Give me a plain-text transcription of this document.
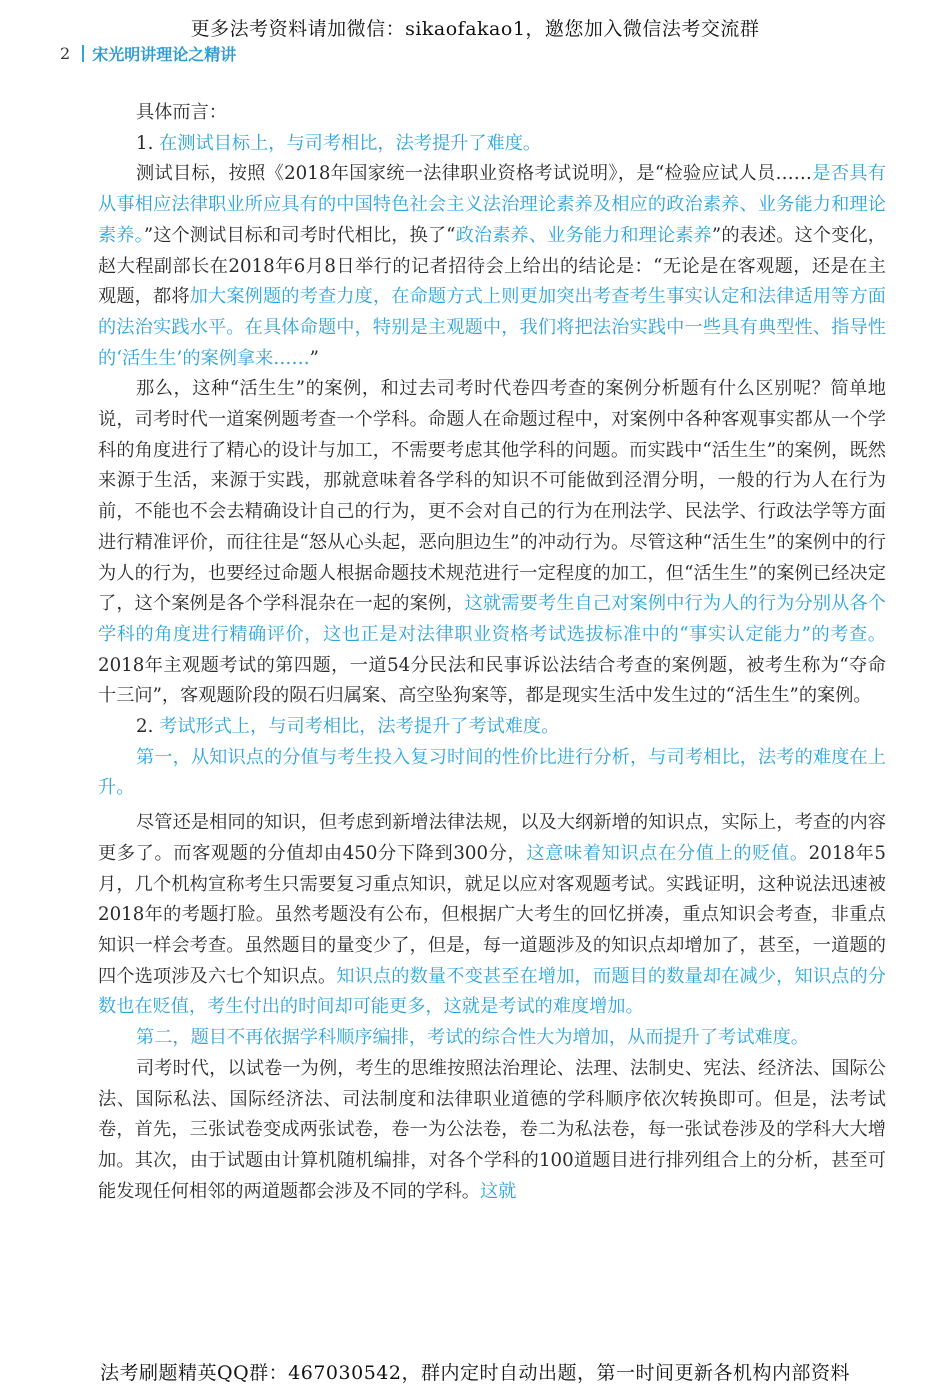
更多法考资料请加微信：sikaofakao1，邀您加入微信法考交流群
2 宋光明讲理论之精讲

具体而言：

1. 在测试目标上，与司考相比，法考提升了难度。

测试目标，按照《2018年国家统一法律职业资格考试说明》，是“检验应试人员……是否具有从事相应法律职业所应具有的中国特色社会主义法治理论素养及相应的政治素养、业务能力和理论素养。”这个测试目标和司考时代相比，换了“政治素养、业务能力和理论素养”的表述。这个变化，赵大程副部长在2018年6月8日举行的记者招待会上给出的结论是：“无论是在客观题，还是在主观题，都将加大案例题的考查力度，在命题方式上则更加突出考查考生事实认定和法律适用等方面的法治实践水平。在具体命题中，特别是主观题中，我们将把法治实践中一些具有典型性、指导性的‘活生生’的案例拿来……”

那么，这种“活生生”的案例，和过去司考时代卷四考查的案例分析题有什么区别呢？简单地说，司考时代一道案例题考查一个学科。命题人在命题过程中，对案例中各种客观事实都从一个学科的角度进行了精心的设计与加工，不需要考虑其他学科的问题。而实践中“活生生”的案例，既然来源于生活，来源于实践，那就意味着各学科的知识不可能做到泾渭分明，一般的行为人在行为前，不能也不会去精确设计自己的行为，更不会对自己的行为在刑法学、民法学、行政法学等方面进行精准评价，而往往是“怒从心头起，恶向胆边生”的冲动行为。尽管这种“活生生”的案例中的行为人的行为，也要经过命题人根据命题技术规范进行一定程度的加工，但“活生生”的案例已经决定了，这个案例是各个学科混杂在一起的案例，这就需要考生自己对案例中行为人的行为分别从各个学科的角度进行精确评价，这也正是对法律职业资格考试选拔标准中的“事实认定能力”的考查。2018年主观题考试的第四题，一道54分民法和民事诉讼法结合考查的案例题，被考生称为“夺命十三问”，客观题阶段的陨石归属案、高空坠狗案等，都是现实生活中发生过的“活生生”的案例。

2. 考试形式上，与司考相比，法考提升了考试难度。

第一，从知识点的分值与考生投入复习时间的性价比进行分析，与司考相比，法考的难度在上升。

尽管还是相同的知识，但考虑到新增法律法规，以及大纲新增的知识点，实际上，考查的内容更多了。而客观题的分值却由450分下降到300分，这意味着知识点在分值上的贬值。2018年5月，几个机构宣称考生只需要复习重点知识，就足以应对客观题考试。实践证明，这种说法迅速被2018年的考题打脸。虽然考题没有公布，但根据广大考生的回忆拼凑，重点知识会考查，非重点知识一样会考查。虽然题目的量变少了，但是，每一道题涉及的知识点却增加了，甚至，一道题的四个选项涉及六七个知识点。知识点的数量不变甚至在增加，而题目的数量却在减少，知识点的分数也在贬值，考生付出的时间却可能更多，这就是考试的难度增加。

第二，题目不再依据学科顺序编排，考试的综合性大为增加，从而提升了考试难度。

司考时代，以试卷一为例，考生的思维按照法治理论、法理、法制史、宪法、经济法、国际公法、国际私法、国际经济法、司法制度和法律职业道德的学科顺序依次转换即可。但是，法考试卷，首先，三张试卷变成两张试卷，卷一为公法卷，卷二为私法卷，每一张试卷涉及的学科大大增加。其次，由于试题由计算机随机编排，对各个学科的100道题目进行排列组合上的分析，甚至可能发现任何相邻的两道题都会涉及不同的学科。这就

法考刷题精英QQ群：467030542，群内定时自动出题，第一时间更新各机构内部资料
